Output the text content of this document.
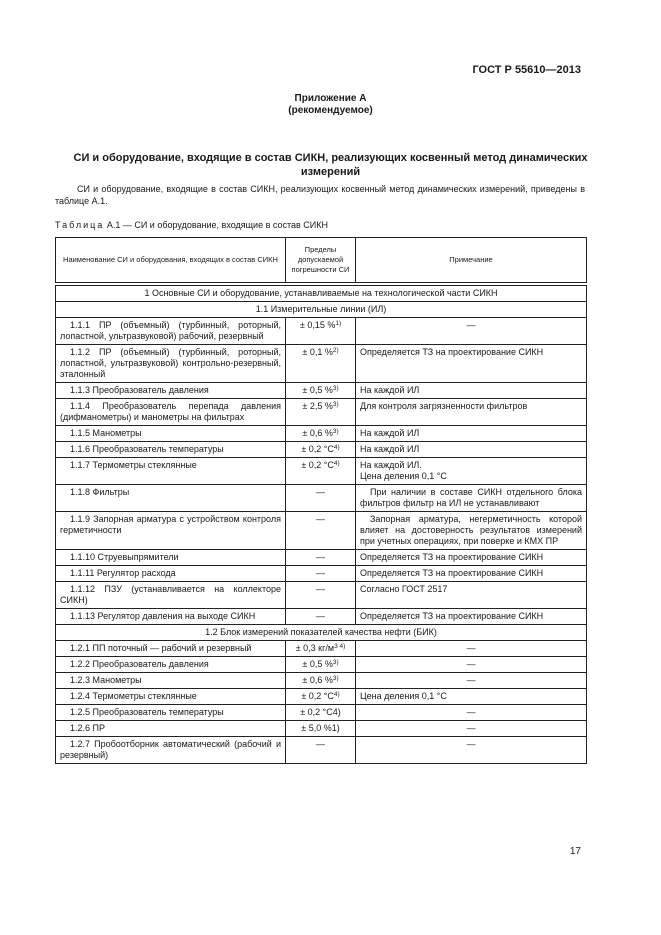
ГОСТ Р 55610—2013
Приложение А
(рекомендуемое)
СИ и оборудование, входящие в состав СИКН, реализующих косвенный метод динамических измерений
СИ и оборудование, входящие в состав СИКН, реализующих косвенный метод динамических измерений, приведены в таблице А.1.
Таблица А.1 — СИ и оборудование, входящие в состав СИКН
Наименование СИ и оборудования, входящих в состав СИКН	Пределы допускаемой погрешности СИ	Примечание

1 Основные СИ и оборудование, устанавливаемые на технологической части СИКН		
1.1 Измерительные линии (ИЛ)		
1.1.1 ПР (объемный) (турбинный, роторный, лопастной, ультразвуковой) рабочий, резервный	± 0,15 %$^{1)}$	—

1.1.2 ПР (объемный) (турбинный, роторный, лопастной, ультразвуковой) контрольно-резервный, эталонный	± 0,1 %$^{2)}$	Определяется ТЗ на проектирование СИКН

1.1.3 Преобразователь давления	± 0,5 %$^{3)}$	На каждой ИЛ

1.1.4 Преобразователь перепада давления (дифманометры) и манометры на фильтрах	± 2,5 %$^{3)}$	Для контроля загрязненности фильтров

1.1.5 Манометры	± 0,6 %$^{3)}$	На каждой ИЛ

1.1.6 Преобразователь температуры	± 0,2 $^\circ С^{4)}$	На каждой ИЛ

1.1.7 Термометры стеклянные	± 0,2 $^\circ С^{4)}$	На каждой ИЛ.
Цена деления 0,1 °С

1.1.8 Фильтры	—	При наличии в составе СИКН отдельного блока фильтров фильтр на ИЛ не устанавливают

1.1.9 Запорная арматура с устройством контроля герметичности	—	Запорная арматура, негерметичность которой влияет на достоверность результатов измерений при учетных операциях, при поверке и КМХ ПР

1.1.10 Струевыпрямители	—	Определяется ТЗ на проектирование СИКН

1.1.11 Регулятор расхода	—	Определяется ТЗ на проектирование СИКН

1.1.12 ПЗУ (устанавливается на коллекторе СИКН)	—	Согласно ГОСТ 2517

1.1.13 Регулятор давления на выходе СИКН	—	Определяется ТЗ на проектирование СИКН

1.2 Блок измерений показателей качества нефти (БИК)		
1.2.1 ПП поточный — рабочий и резервный	± 0,3 $кг/м^{3 4)}$	—

1.2.2 Преобразователь давления	± 0,5 %$^{3)}$	—

1.2.3 Манометры	± 0,6 %$^{3)}$	—

1.2.4 Термометры стеклянные	± 0,2 $^\circ С^{4)}$	Цена деления 0,1 °С

1.2.5 Преобразователь температуры	± 0,2 °С4)	—

1.2.6 ПР	± 5,0 %1)	—

1.2.7 Пробоотборник автоматический (рабочий и резервный)	—	—
17
